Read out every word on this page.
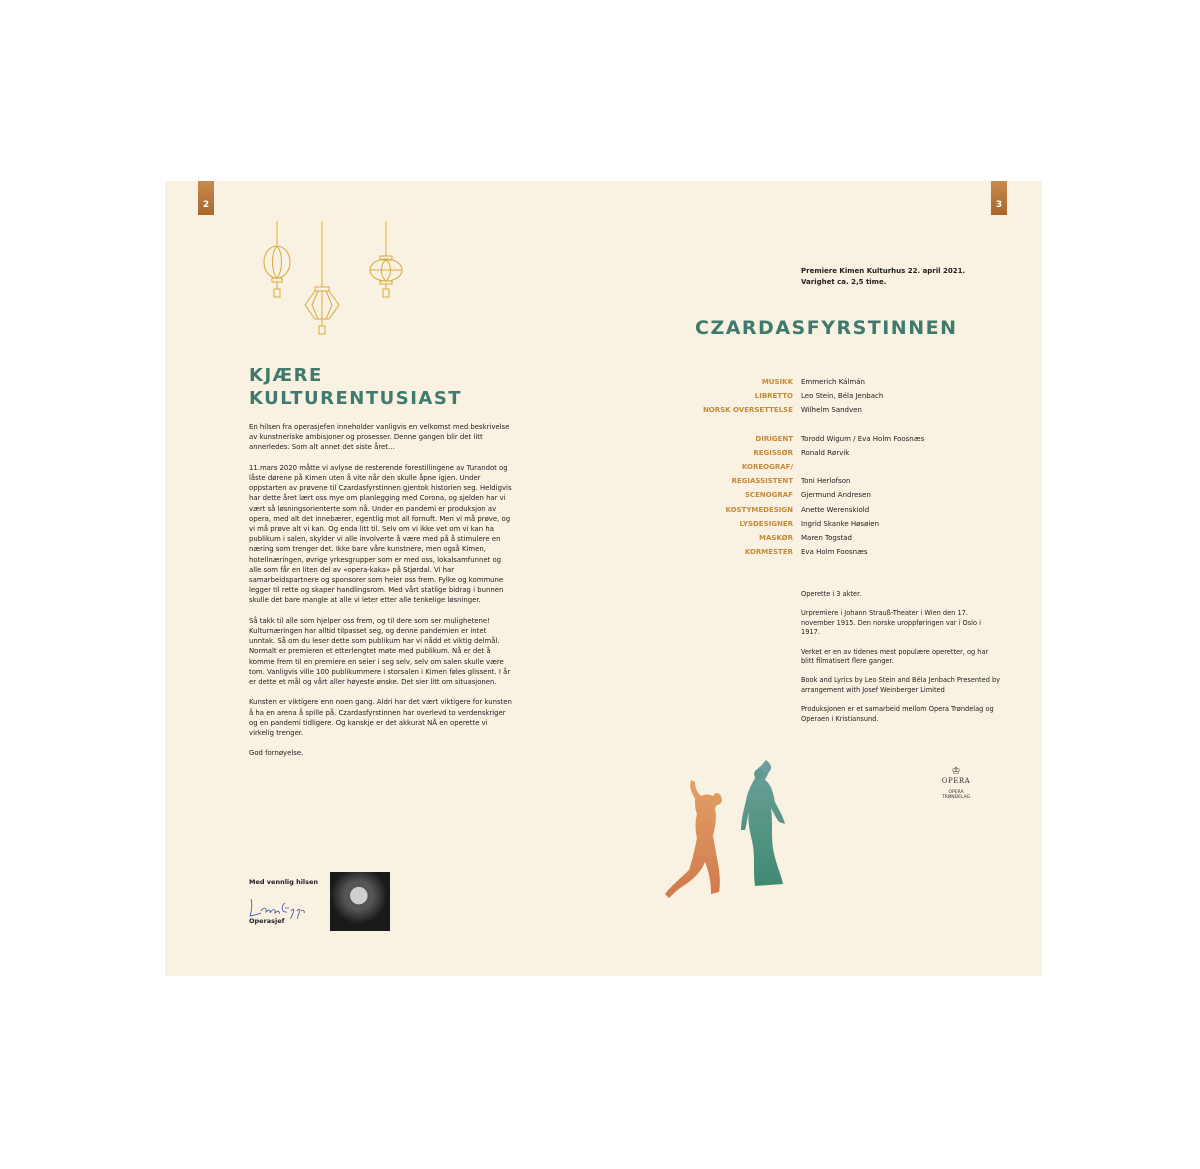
2	3
KJÆRE
KULTURENTUSIAST

En hilsen fra operasjefen inneholder vanligvis en velkomst med beskrivelse av kunstneriske ambisjoner og prosesser. Denne gangen blir det litt annerledes. Som alt annet det siste året…

11.mars 2020 måtte vi avlyse de resterende forestillingene av Turandot og låste dørene på Kimen uten å vite når den skulle åpne igjen. Under oppstarten av prøvene til Czardasfyrstinnen gjentok historien seg. Heldigvis har dette året lært oss mye om planlegging med Corona, og sjelden har vi vært så løsningsorienterte som nå. Under en pandemi er produksjon av opera, med alt det innebærer, egentlig mot all fornuft. Men vi må prøve, og vi må prøve alt vi kan. Og enda litt til. Selv om vi ikke vet om vi kan ha publikum i salen, skylder vi alle involverte å være med på å stimulere en næring som trenger det. Ikke bare våre kunstnere, men også Kimen, hotellnæringen, øvrige yrkesgrupper som er med oss, lokalsamfunnet og alle som får en liten del av «opera-kaka» på Stjørdal. Vi har samarbeidspartnere og sponsorer som heier oss frem. Fylke og kommune legger til rette og skaper handlingsrom. Med vårt statlige bidrag i bunnen skulle det bare mangle at alle vi leter etter alle tenkelige løsninger.

Så takk til alle som hjelper oss frem, og til dere som ser mulighetene! Kulturnæringen har alltid tilpasset seg, og denne pandemien er intet unntak. Så om du leser dette som publikum har vi nådd et viktig delmål. Normalt er premieren et etterlengtet møte med publikum. Nå er det å komme frem til en premiere en seier i seg selv, selv om salen skulle være tom. Vanligvis ville 100 publikummere i storsalen i Kimen føles glissent. I år er dette et mål og vårt aller høyeste ønske. Det sier litt om situasjonen.

Kunsten er viktigere enn noen gang. Aldri har det vært viktigere for kunsten å ha en arena å spille på. Czardasfyrstinnen har overlevd to verdenskriger og en pandemi tidligere. Og kanskje er det akkurat NÅ en operette vi virkelig trenger.

God fornøyelse.

Med vennlig hilsen
Operasjef
Premiere Kimen Kulturhus 22. april 2021.
Varighet ca. 2,5 time.
CZARDASFYRSTINNEN
MUSIKK Emmerich Kálmán
LIBRETTO Leo Stein, Béla Jenbach
NORSK OVERSETTELSE Wilhelm Sandven
DIRIGENT Torodd Wigum / Eva Holm Foosnæs
REGISSØR Ronald Rørvik
KOREOGRAF/
REGIASSISTENT Toni Herlofson
SCENOGRAF Gjermund Andresen
KOSTYMEDESIGN Anette Werenskiold
LYSDESIGNER Ingrid Skanke Høsøien
MASKØR Maren Togstad
KORMESTER Eva Holm Foosnæs

Operette i 3 akter.

Urpremiere i Johann Strauß-Theater i Wien den 17. november 1915. Den norske uroppføringen var i Oslo i 1917.

Verket er en av tidenes mest populære operetter, og har blitt filmatisert flere ganger.

Book and Lyrics by Leo Stein and Béla Jenbach Presented by arrangement with Josef Weinberger Limited

Produksjonen er et samarbeid mellom Opera Trøndelag og Operaen i Kristiansund.

♔
OPERA
OPERA
TRØNDELAG
